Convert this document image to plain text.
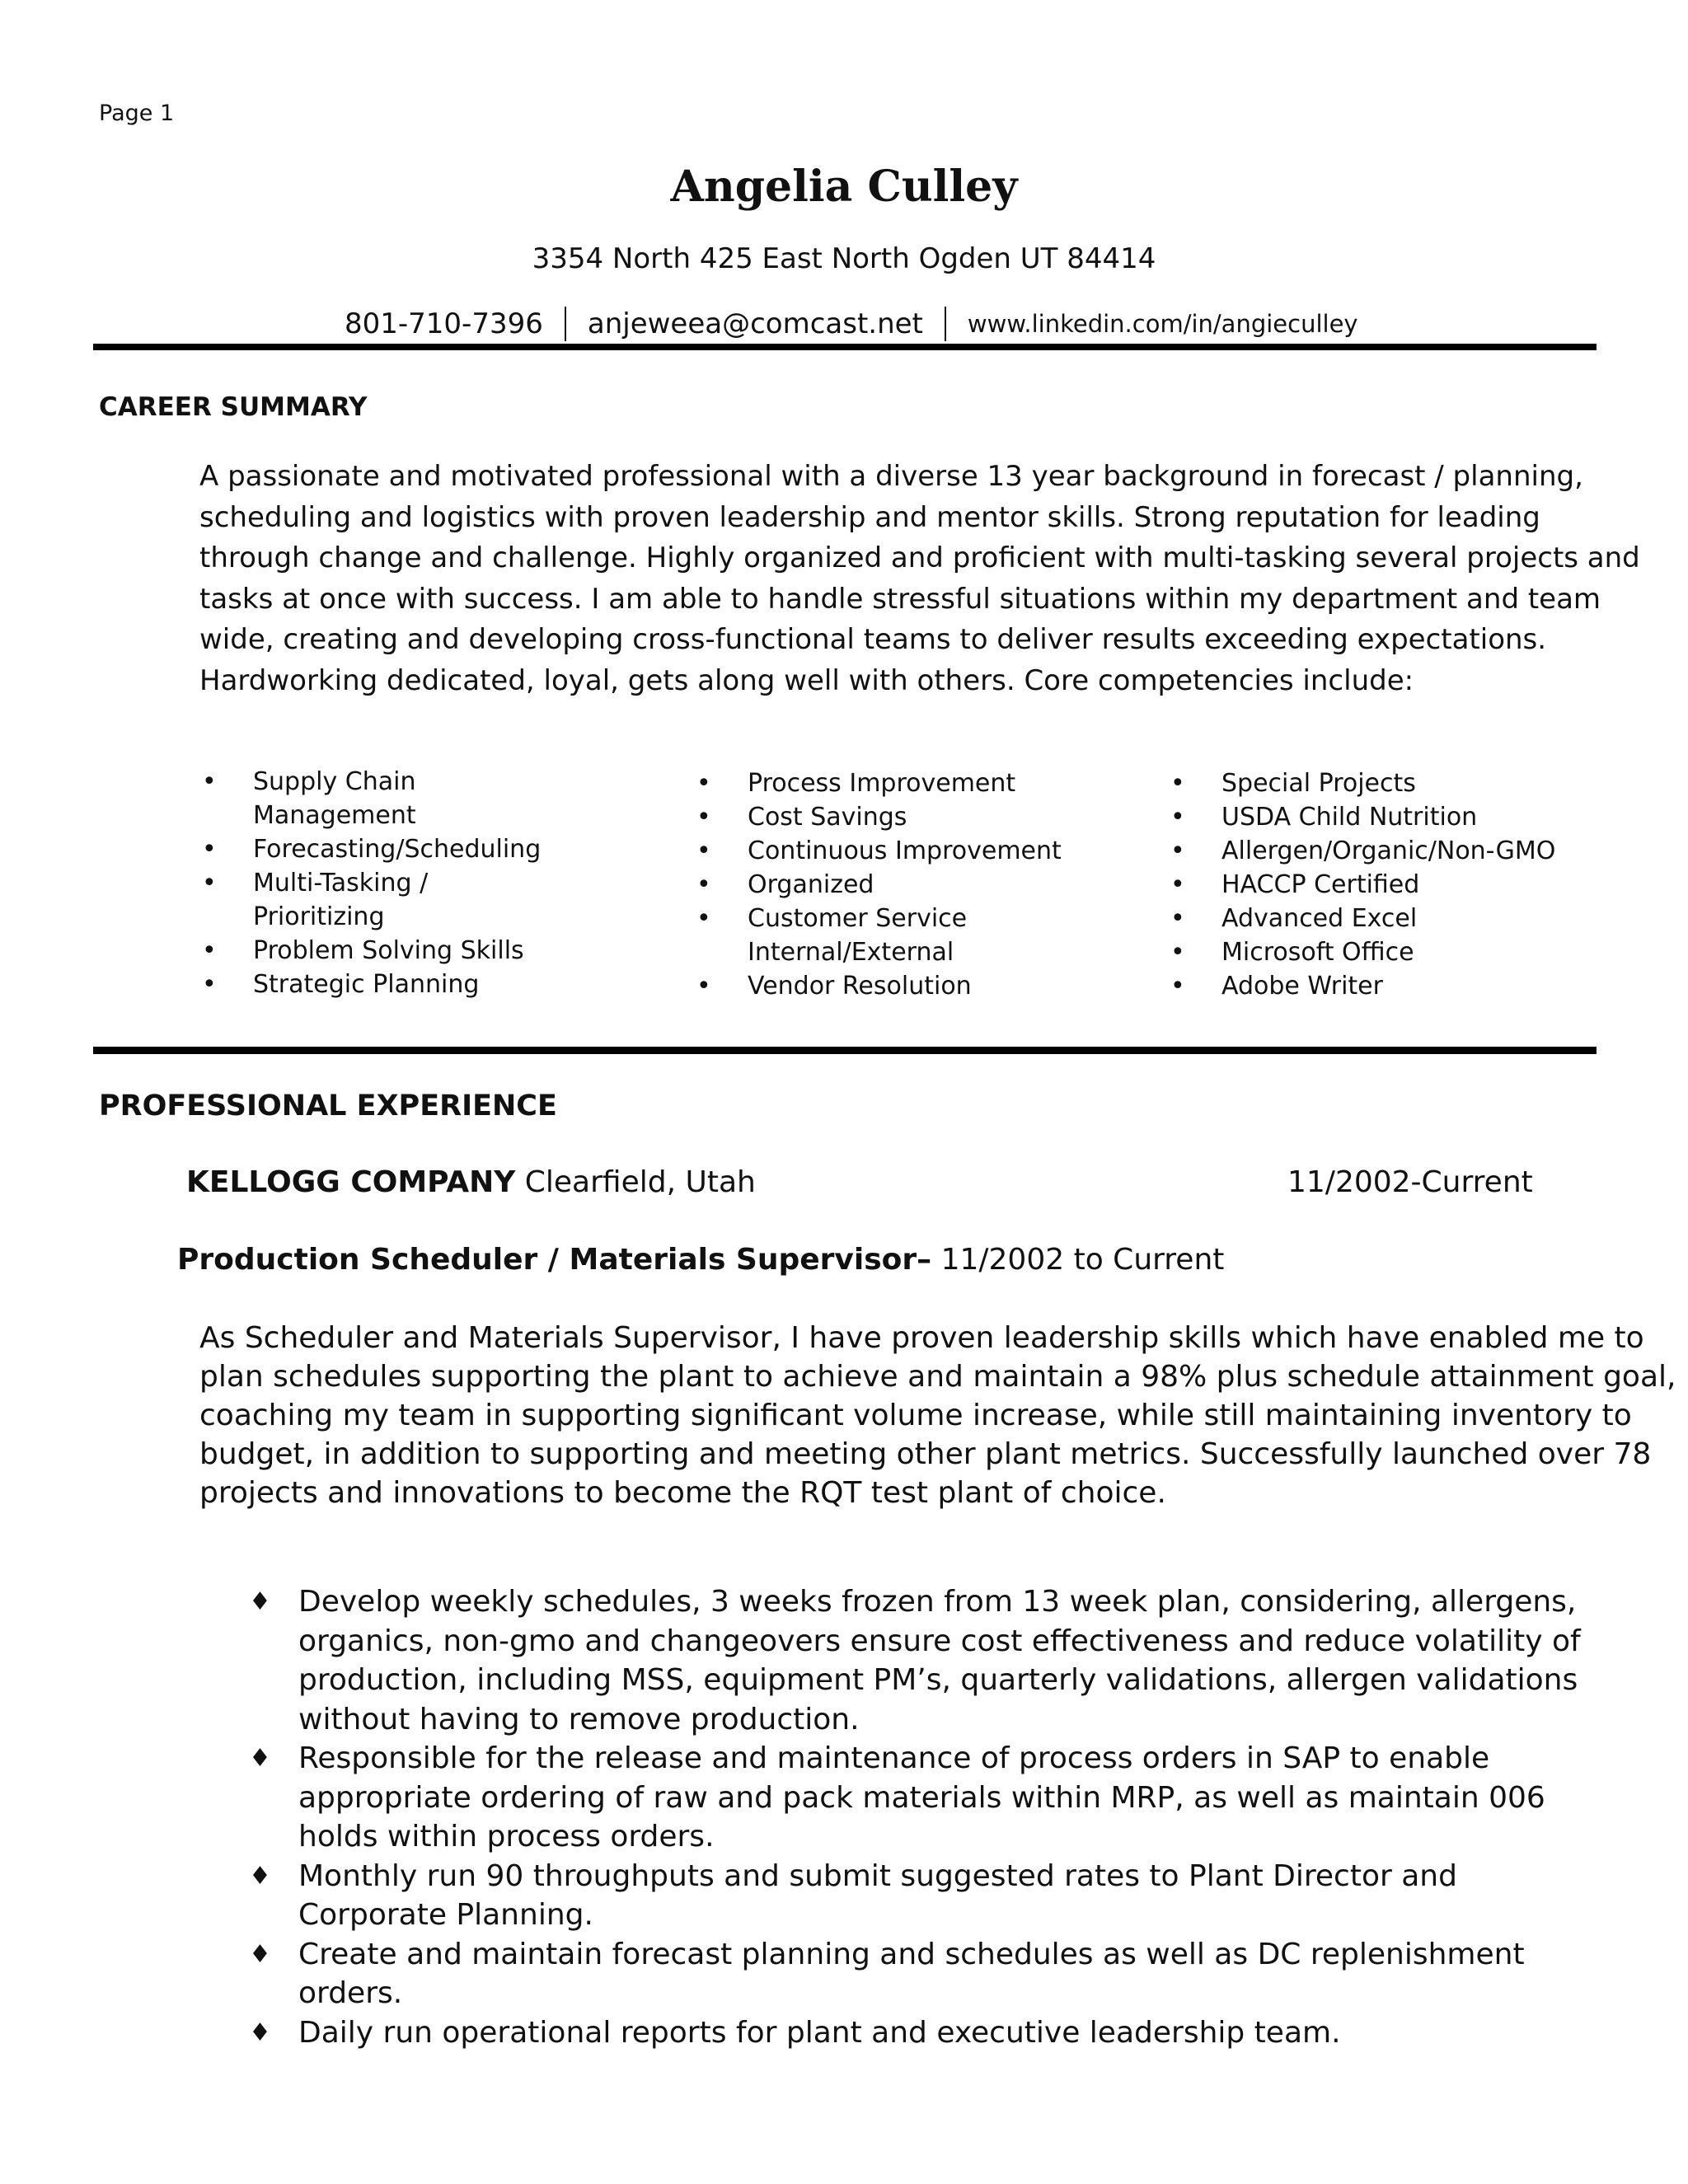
Page 1
Angelia Culley
3354 North 425 East North Ogden UT 84414
801-710-7396 anjeweea@comcast.net www.linkedin.com/in/angieculley
CAREER SUMMARY
A passionate and motivated professional with a diverse 13 year background in forecast / planning,
scheduling and logistics with proven leadership and mentor skills. Strong reputation for leading
through change and challenge. Highly organized and proficient with multi-tasking several projects and
tasks at once with success. I am able to handle stressful situations within my department and team
wide, creating and developing cross-functional teams to deliver results exceeding expectations.
Hardworking dedicated, loyal, gets along well with others. Core competencies include:
• Supply Chain
Management
• Forecasting/Scheduling
• Multi-Tasking /
Prioritizing
• Problem Solving Skills
• Strategic Planning
• Process Improvement
• Cost Savings
• Continuous Improvement
• Organized
• Customer Service
Internal/External
• Vendor Resolution
• Special Projects
• USDA Child Nutrition
• Allergen/Organic/Non-GMO
• HACCP Certified
• Advanced Excel
• Microsoft Office
• Adobe Writer
PROFESSIONAL EXPERIENCE
KELLOGG COMPANY Clearfield, Utah	11/2002-Current
Production Scheduler / Materials Supervisor– 11/2002 to Current
As Scheduler and Materials Supervisor, I have proven leadership skills which have enabled me to
plan schedules supporting the plant to achieve and maintain a 98% plus schedule attainment goal,
coaching my team in supporting significant volume increase, while still maintaining inventory to
budget, in addition to supporting and meeting other plant metrics. Successfully launched over 78
projects and innovations to become the RQT test plant of choice.
♦ Develop weekly schedules, 3 weeks frozen from 13 week plan, considering, allergens,
organics, non-gmo and changeovers ensure cost effectiveness and reduce volatility of
production, including MSS, equipment PM’s, quarterly validations, allergen validations
without having to remove production.
♦ Responsible for the release and maintenance of process orders in SAP to enable
appropriate ordering of raw and pack materials within MRP, as well as maintain 006
holds within process orders.
♦ Monthly run 90 throughputs and submit suggested rates to Plant Director and
Corporate Planning.
♦ Create and maintain forecast planning and schedules as well as DC replenishment
orders.
♦ Daily run operational reports for plant and executive leadership team.
